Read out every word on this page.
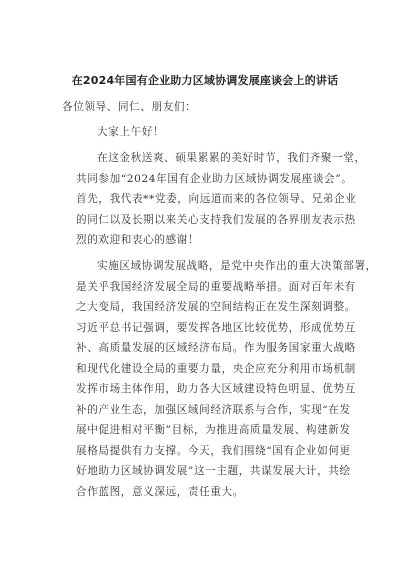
在2024年国有企业助力区域协调发展座谈会上的讲话
各位领导、同仁、朋友们：
大家上午好！
在这金秋送爽、硕果累累的美好时节，我们齐聚一堂，
共同参加“2024年国有企业助力区域协调发展座谈会”。
首先，我代表**党委，向远道而来的各位领导、兄弟企业
的同仁以及长期以来关心支持我们发展的各界朋友表示热
烈的欢迎和衷心的感谢！
实施区域协调发展战略，是党中央作出的重大决策部署，
是关乎我国经济发展全局的重要战略举措。面对百年未有
之大变局，我国经济发展的空间结构正在发生深刻调整。
习近平总书记强调，要发挥各地区比较优势，形成优势互
补、高质量发展的区域经济布局。作为服务国家重大战略
和现代化建设全局的重要力量，央企应充分利用市场机制
发挥市场主体作用，助力各大区域建设特色明显、优势互
补的产业生态，加强区域间经济联系与合作，实现“在发
展中促进相对平衡”目标，为推进高质量发展、构建新发
展格局提供有力支撑。今天，我们围绕“国有企业如何更
好地助力区域协调发展”这一主题，共谋发展大计，共绘
合作蓝图，意义深远，责任重大。
